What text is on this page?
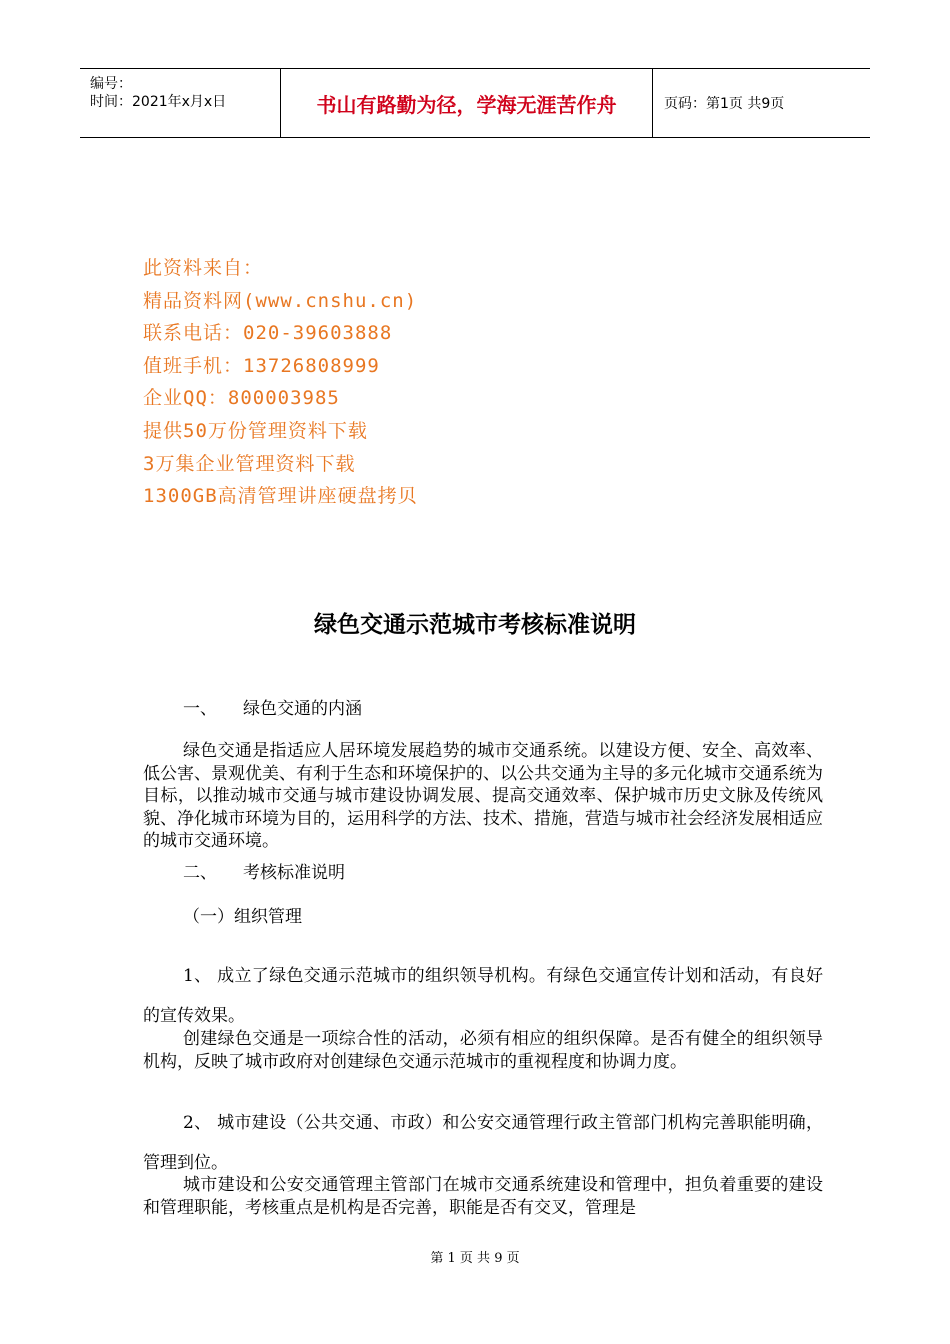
编号：
时间：2021年x月x日	书山有路勤为径，学海无涯苦作舟	页码：第1页 共9页
此资料来自：
精品资料网(www.cnshu.cn)
联系电话：020-39603888
值班手机：13726808999
企业QQ：800003985
提供50万份管理资料下载
3万集企业管理资料下载
1300GB高清管理讲座硬盘拷贝
绿色交通示范城市考核标准说明
一、 绿色交通的内涵
绿色交通是指适应人居环境发展趋势的城市交通系统。以建设方便、安全、高效率、低公害、景观优美、有利于生态和环境保护的、以公共交通为主导的多元化城市交通系统为目标，以推动城市交通与城市建设协调发展、提高交通效率、保护城市历史文脉及传统风貌、净化城市环境为目的，运用科学的方法、技术、措施，营造与城市社会经济发展相适应的城市交通环境。
二、 考核标准说明
（一）组织管理
1、 成立了绿色交通示范城市的组织领导机构。有绿色交通宣传计划和活动，有良好的宣传效果。
创建绿色交通是一项综合性的活动，必须有相应的组织保障。是否有健全的组织领导机构，反映了城市政府对创建绿色交通示范城市的重视程度和协调力度。
2、 城市建设（公共交通、市政）和公安交通管理行政主管部门机构完善职能明确，管理到位。
城市建设和公安交通管理主管部门在城市交通系统建设和管理中，担负着重要的建设和管理职能，考核重点是机构是否完善，职能是否有交叉，管理是
第 1 页 共 9 页
